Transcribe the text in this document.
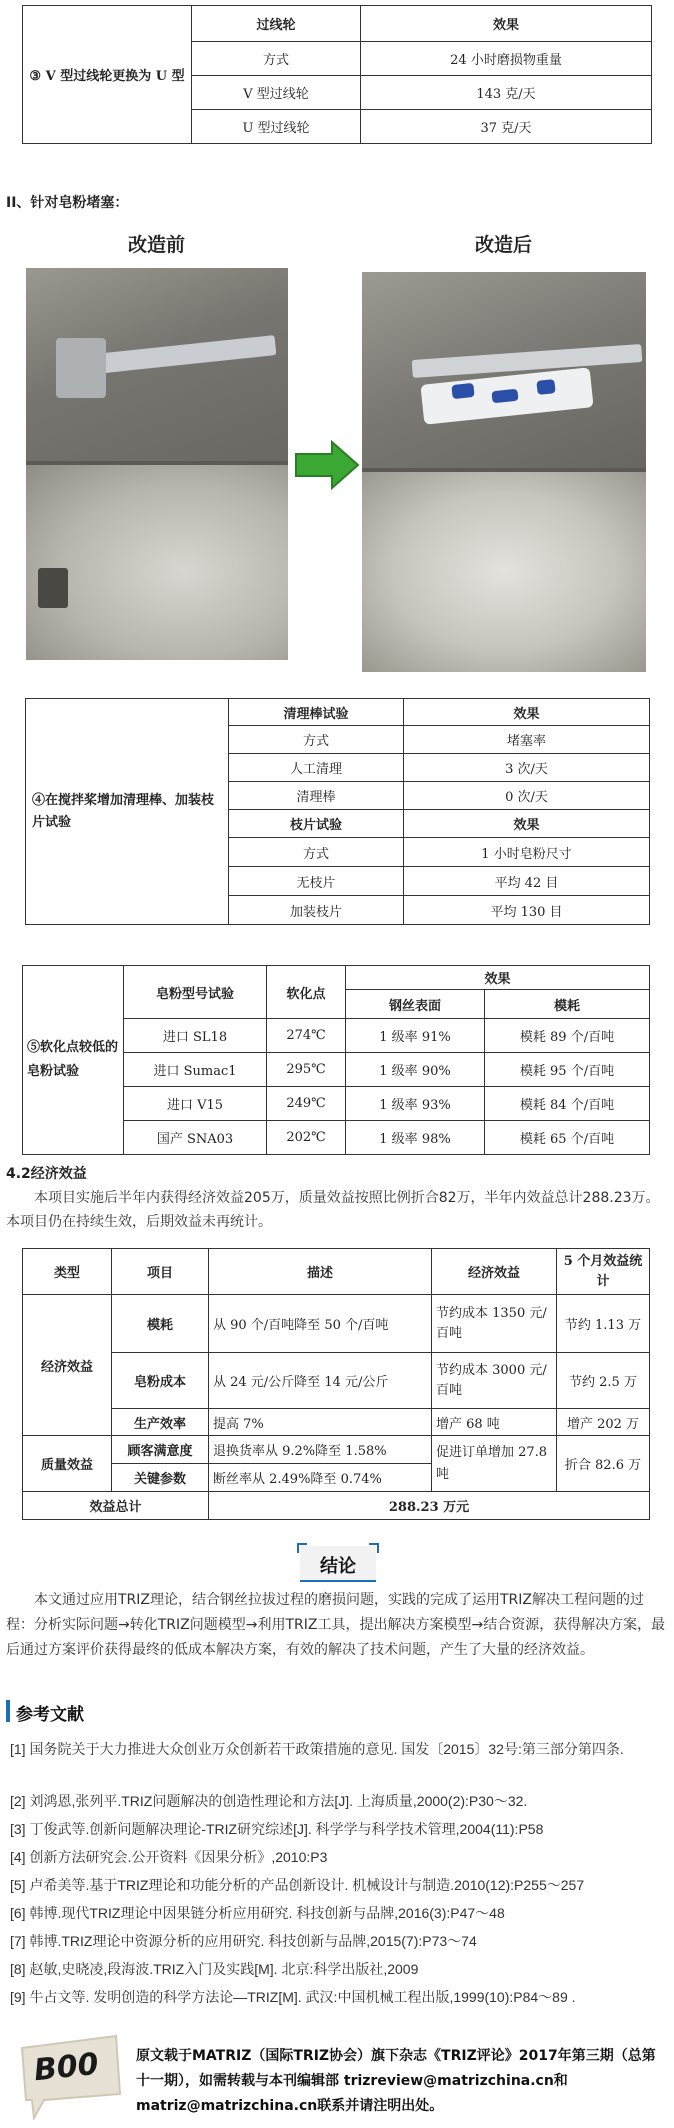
③ V 型过线轮更换为 U 型	过线轮	效果
	方式	24 小时磨损物重量
	V 型过线轮	143 克/天
	U 型过线轮	37 克/天
II、针对皂粉堵塞：
改造前	改造后
④在搅拌桨增加清理棒、加装枝片试验	清理棒试验	效果
	方式	堵塞率
	人工清理	3 次/天
	清理棒	0 次/天
	枝片试验	效果
	方式	1 小时皂粉尺寸
	无枝片	平均 42 目
	加装枝片	平均 130 目
⑤软化点较低的皂粉试验	皂粉型号试验	软化点	效果	
			钢丝表面	模耗
	进口 SL18	274℃	1 级率 91%	模耗 89 个/百吨
	进口 Sumac1	295℃	1 级率 90%	模耗 95 个/百吨
	进口 V15	249℃	1 级率 93%	模耗 84 个/百吨
	国产 SNA03	202℃	1 级率 98%	模耗 65 个/百吨
4.2经济效益
本项目实施后半年内获得经济效益205万，质量效益按照比例折合82万，半年内效益总计288.23万。本项目仍在持续生效，后期效益未再统计。
类型	项目	描述	经济效益	5 个月效益统计
经济效益	模耗	从 90 个/百吨降至 50 个/百吨	节约成本 1350 元/百吨	节约 1.13 万
	皂粉成本	从 24 元/公斤降至 14 元/公斤	节约成本 3000 元/百吨	节约 2.5 万
	生产效率	提高 7%	增产 68 吨	增产 202 万
质量效益	顾客满意度	退换货率从 9.2%降至 1.58%	促进订单增加 27.8 吨	折合 82.6 万
	关键参数	断丝率从 2.49%降至 0.74%		
效益总计		288.23 万元		
结论
本文通过应用TRIZ理论，结合钢丝拉拔过程的磨损问题，实践的完成了运用TRIZ解决工程问题的过程：分析实际问题→转化TRIZ问题模型→利用TRIZ工具，提出解决方案模型→结合资源，获得解决方案，最后通过方案评价获得最终的低成本解决方案，有效的解决了技术问题，产生了大量的经济效益。
参考文献
[1] 国务院关于大力推进大众创业万众创新若干政策措施的意见. 国发〔2015〕32号:第三部分第四条.
[2] 刘鸿恩,张列平.TRIZ问题解决的创造性理论和方法[J]. 上海质量,2000(2):P30～32.
[3] 丁俊武等.创新问题解决理论-TRIZ研究综述[J]. 科学学与科学技术管理,2004(11):P58
[4] 创新方法研究会.公开资料《因果分析》,2010:P3
[5] 卢希美等.基于TRIZ理论和功能分析的产品创新设计. 机械设计与制造.2010(12):P255～257
[6] 韩博.现代TRIZ理论中因果链分析应用研究. 科技创新与品牌,2016(3):P47～48
[7] 韩博.TRIZ理论中资源分析的应用研究. 科技创新与品牌,2015(7):P73～74
[8] 赵敏,史晓凌,段海波.TRIZ入门及实践[M]. 北京:科学出版社,2009
[9] 牛占文等. 发明创造的科学方法论—TRIZ[M]. 武汉:中国机械工程出版,1999(10):P84～89 .
B00	原文载于MATRIZ（国际TRIZ协会）旗下杂志《TRIZ评论》2017年第三期（总第十一期），如需转载与本刊编辑部 trizreview@matrizchina.cn和matriz@matrizchina.cn联系并请注明出处。
